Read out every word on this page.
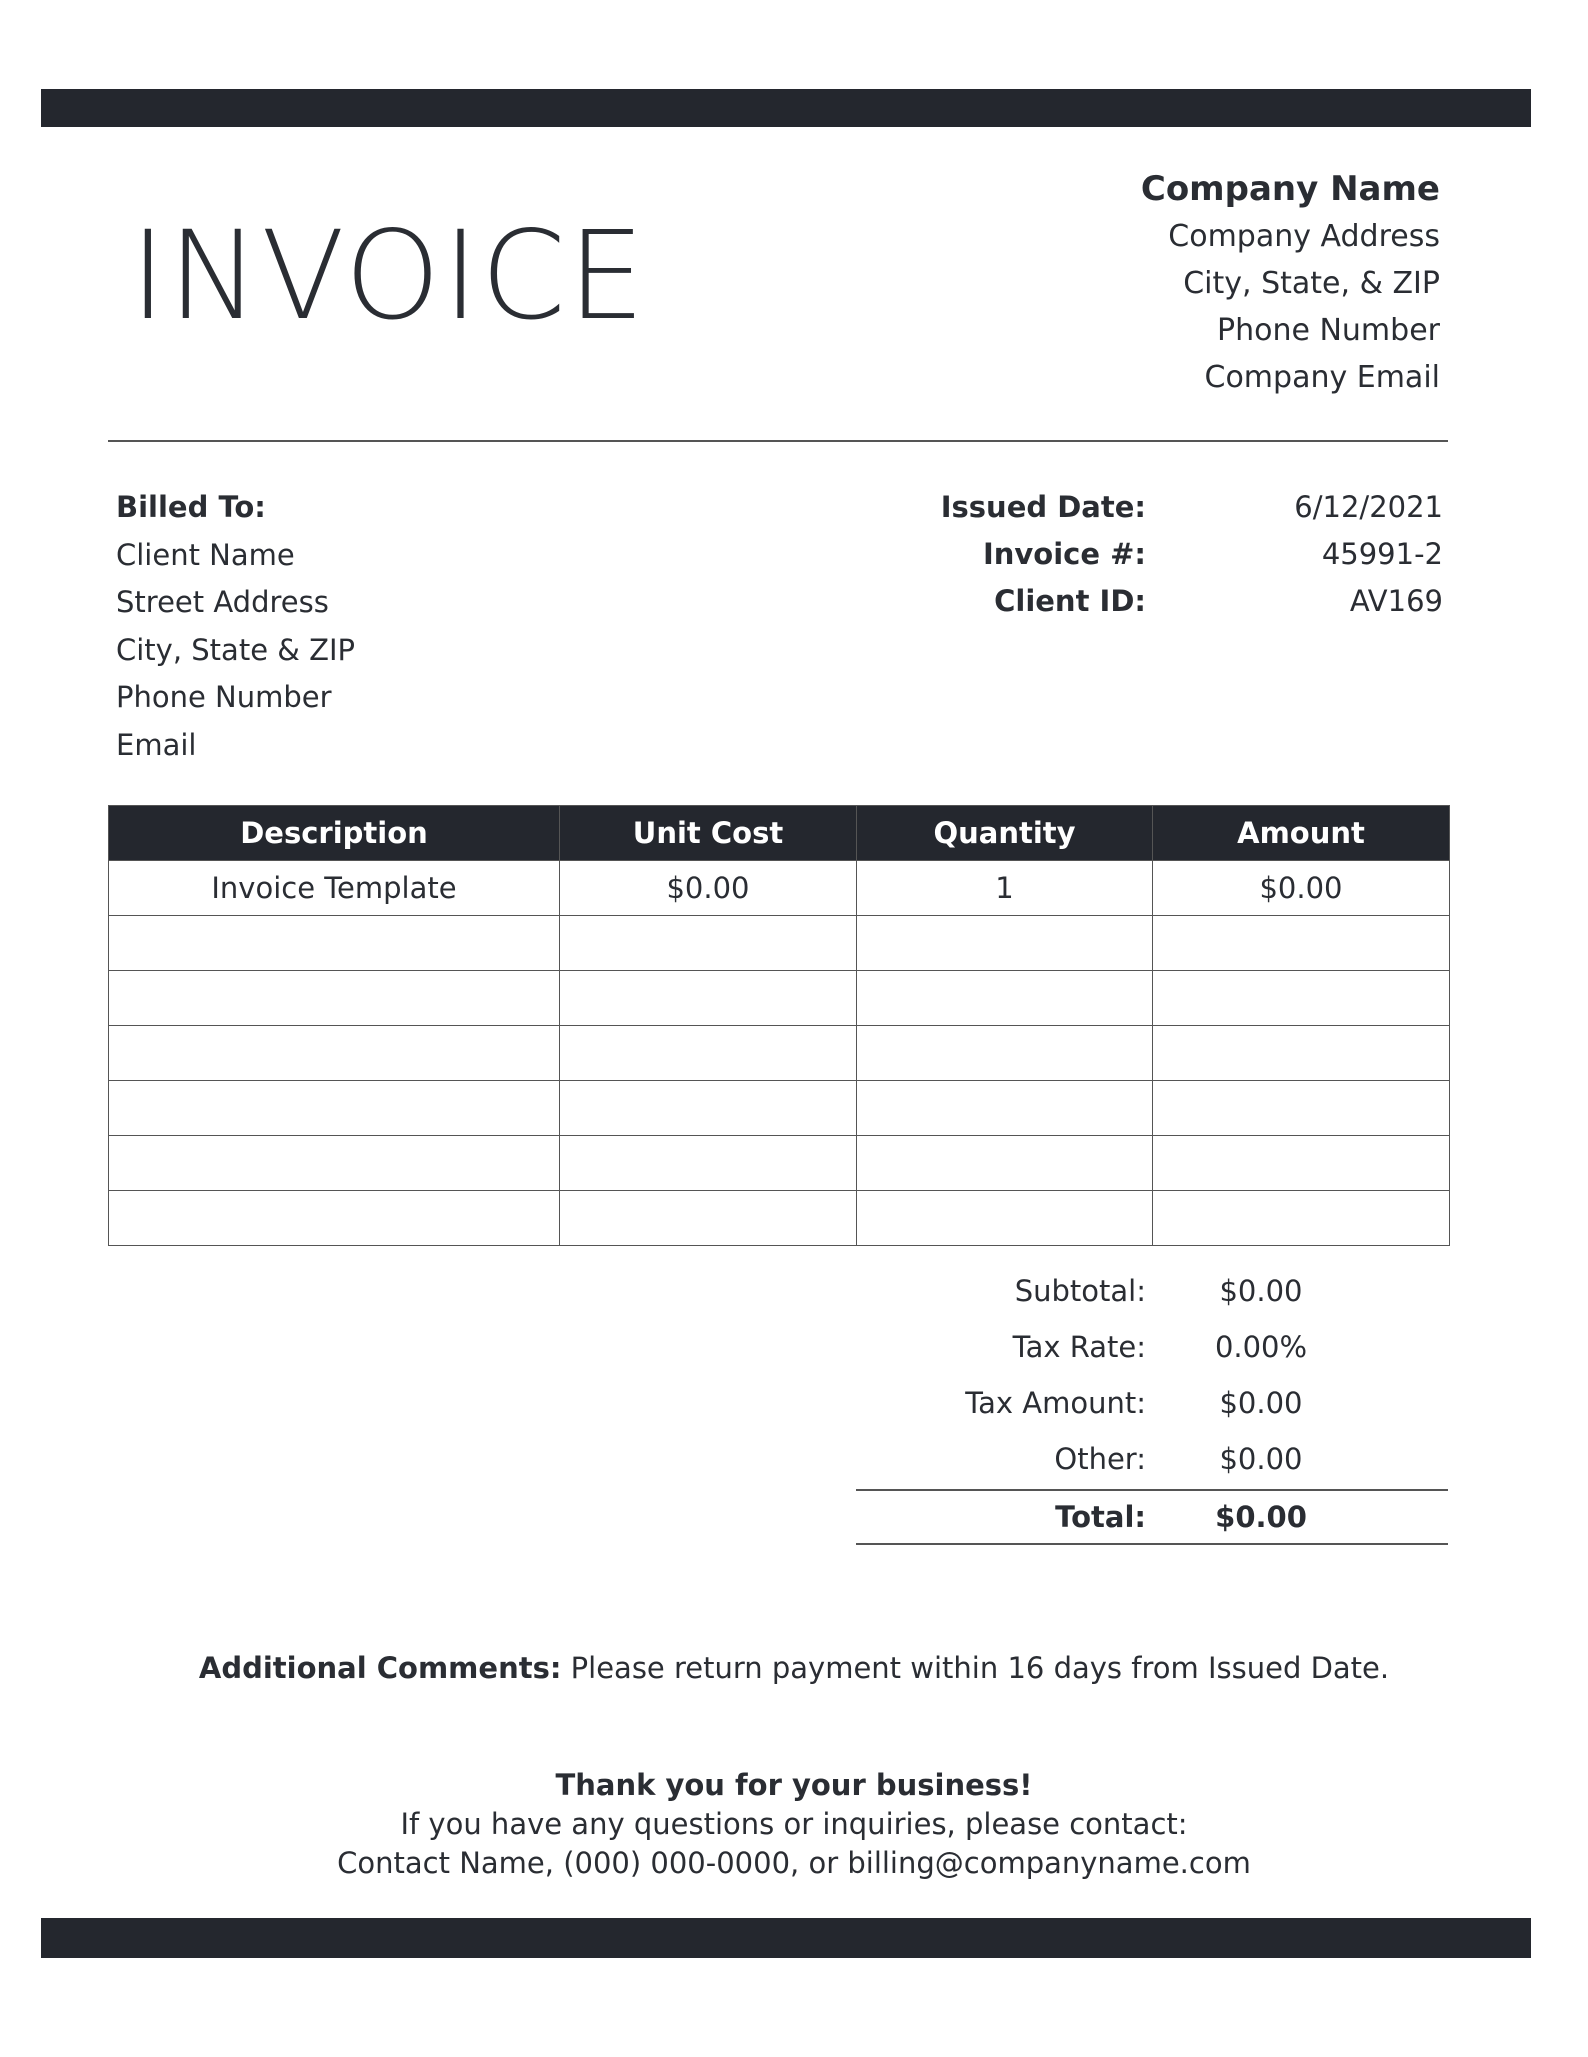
INVOICE
Company Name
Company Address
City, State, & ZIP
Phone Number
Company Email
Billed To:
Client Name
Street Address
City, State & ZIP
Phone Number
Email
Issued Date:	6/12/2021
Invoice #:	45991-2
Client ID:	AV169
Description	Unit Cost	Quantity	Amount
Invoice Template	$0.00	1	$0.00

Subtotal:	$0.00
Tax Rate: 0.00%
Tax Amount:	$0.00
Other:	$0.00
Total: $0.00
Additional Comments: Please return payment within 16 days from Issued Date.
Thank you for your business!
If you have any questions or inquiries, please contact:
Contact Name, (000) 000-0000, or billing@companyname.com
